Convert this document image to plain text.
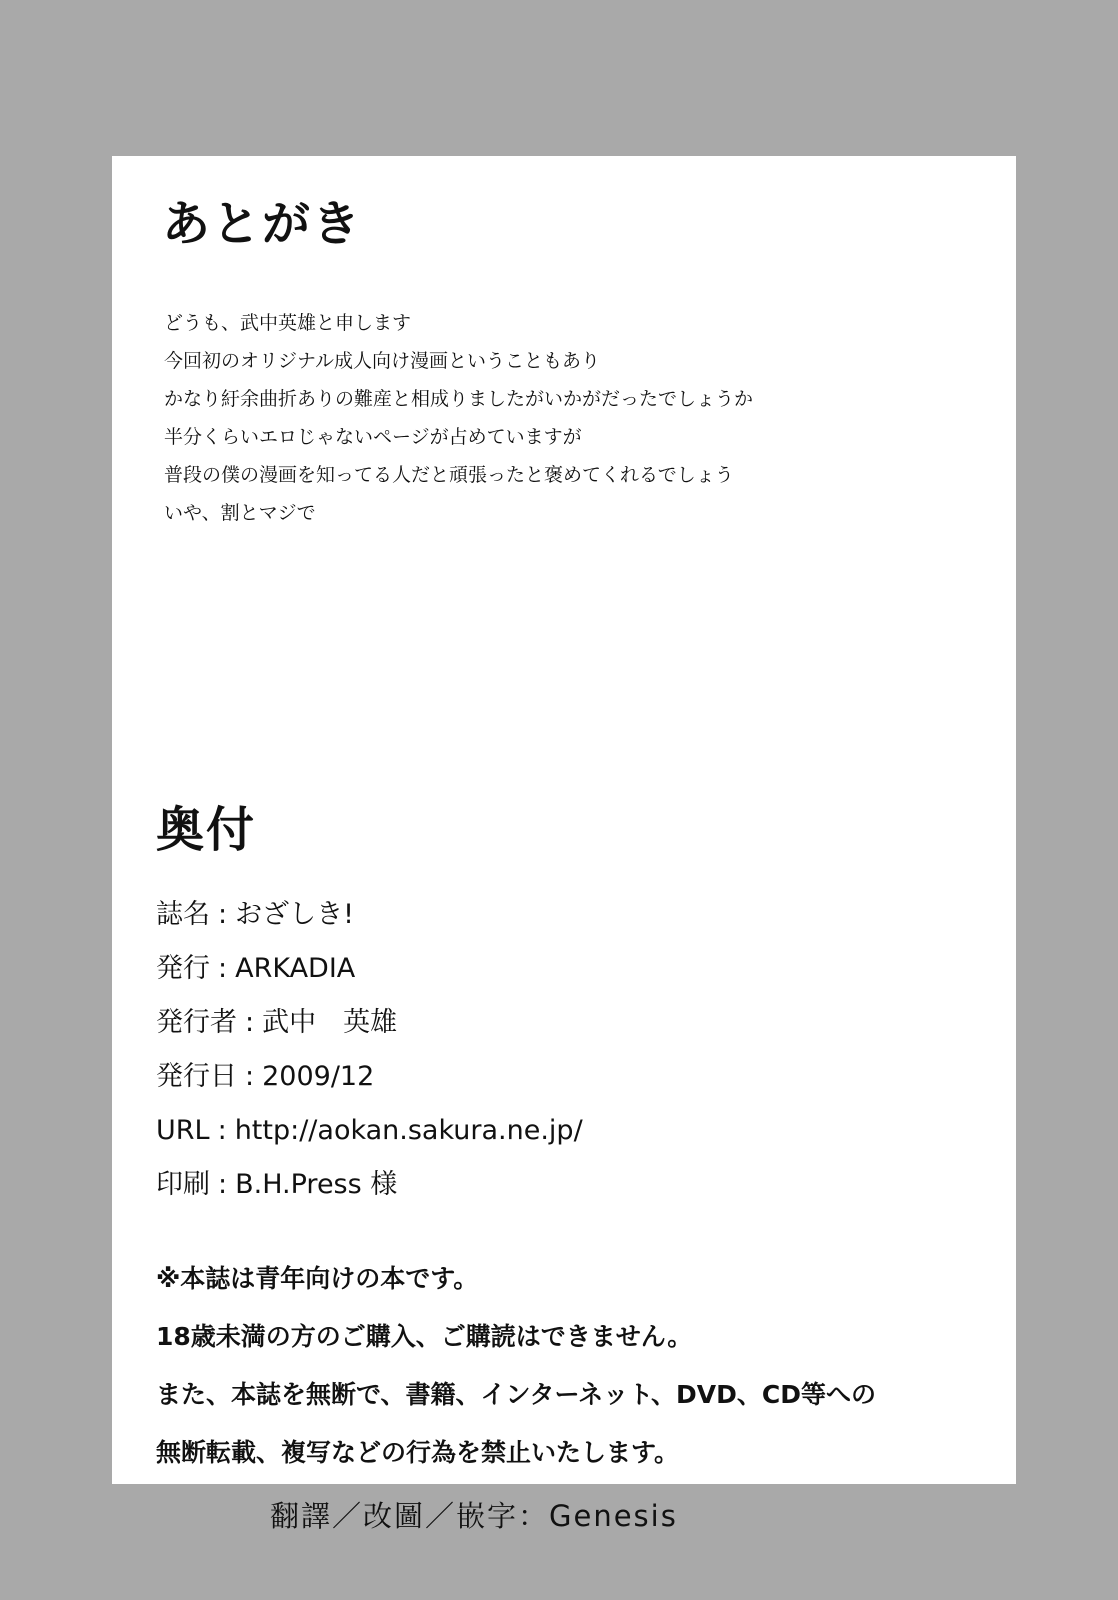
あとがき
どうも、武中英雄と申します
今回初のオリジナル成人向け漫画ということもあり
かなり紆余曲折ありの難産と相成りましたがいかがだったでしょうか
半分くらいエロじゃないページが占めていますが
普段の僕の漫画を知ってる人だと頑張ったと褒めてくれるでしょう
いや、割とマジで
奥付
誌名 : おざしき!
発行 : ARKADIA
発行者 : 武中　英雄
発行日 : 2009/12
URL : http://aokan.sakura.ne.jp/
印刷 : B.H.Press 様
※本誌は青年向けの本です。
18歳未満の方のご購入、ご購読はできません。
また、本誌を無断で、書籍、インターネット、DVD、CD等への
無断転載、複写などの行為を禁止いたします。
翻譯／改圖／嵌字：Genesis
